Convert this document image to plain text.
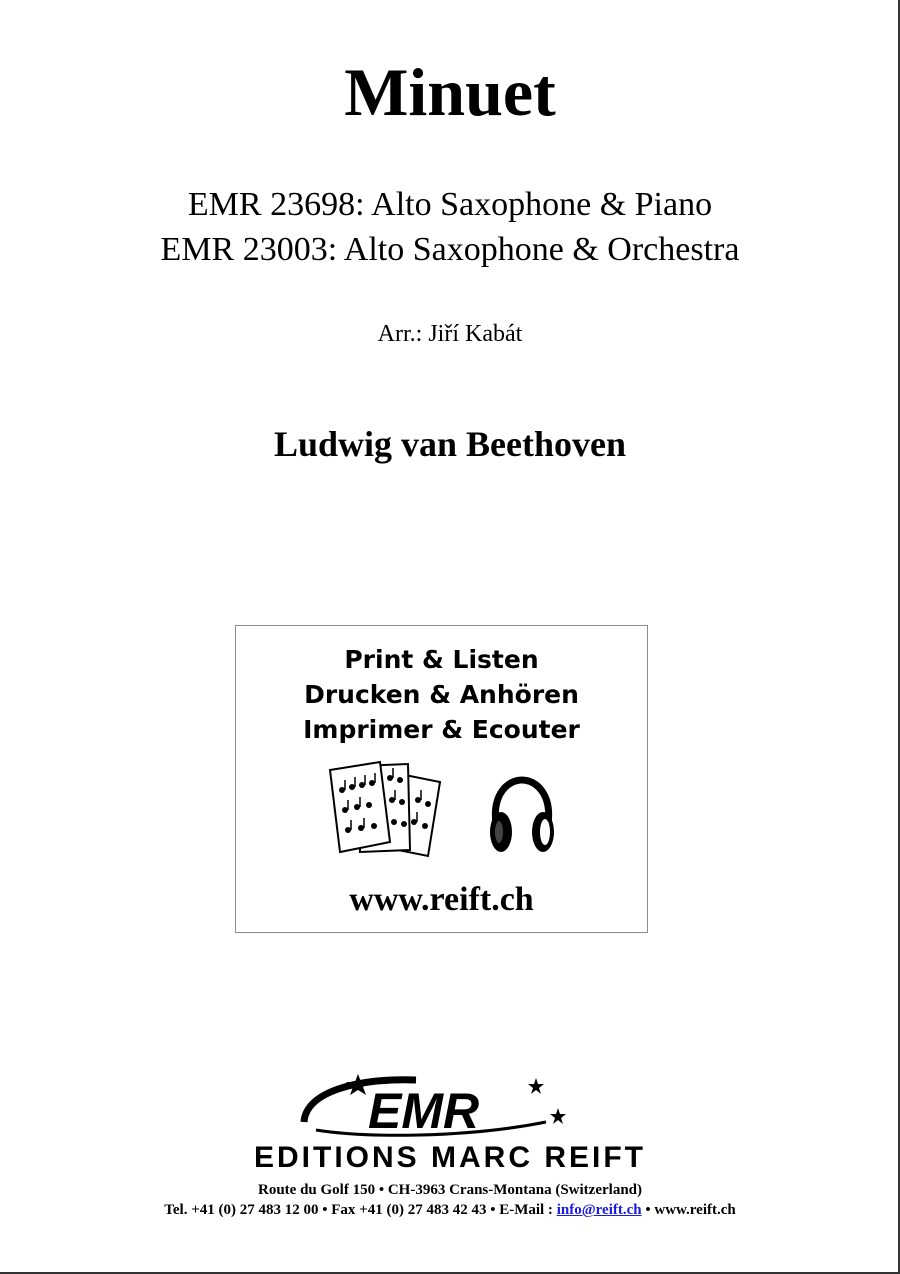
Minuet
EMR 23698: Alto Saxophone & Piano
EMR 23003: Alto Saxophone & Orchestra
Arr.: Jiří Kabát
Ludwig van Beethoven
Print & Listen
Drucken & Anhören
Imprimer & Ecouter
www.reift.ch
EMR
EDITIONS MARC REIFT
Route du Golf 150 • CH-3963 Crans-Montana (Switzerland)
Tel. +41 (0) 27 483 12 00 • Fax +41 (0) 27 483 42 43 • E-Mail : info@reift.ch • www.reift.ch
